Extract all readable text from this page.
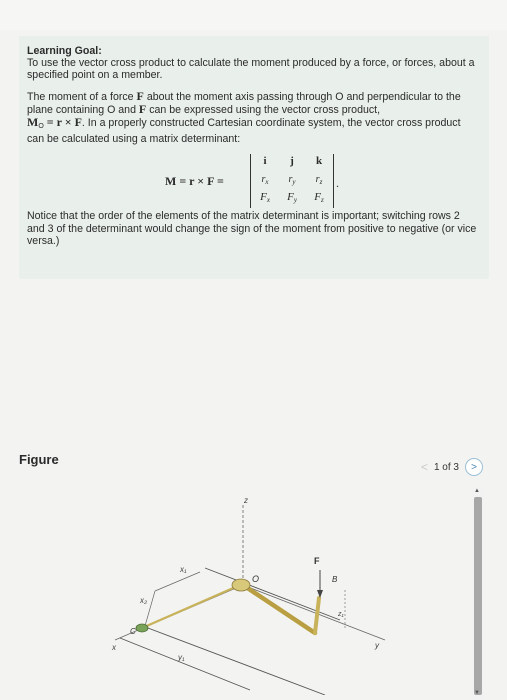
Learning Goal:

To use the vector cross product to calculate the moment produced by a force, or forces, about a specified point on a member.

The moment of a force F about the moment axis passing through O and perpendicular to the plane containing O and F can be expressed using the vector cross product,
$M_O = r \times F$. In a properly constructed Cartesian coordinate system, the vector cross product can be calculated using a matrix determinant:

M = r × F =
i	j	k
$r_x$	$r_y$	$r_z$
$F_x$	$F_y$	$F_z$
.

Notice that the order of the elements of the matrix determinant is important; switching rows 2 and 3 of the determinant would change the sign of the moment from positive to negative (or vice versa.)

Figure	< 1 of 3	>
▲
▼
z
x₁
x₂
O
F
B
z₁
y
x
y₁
C
